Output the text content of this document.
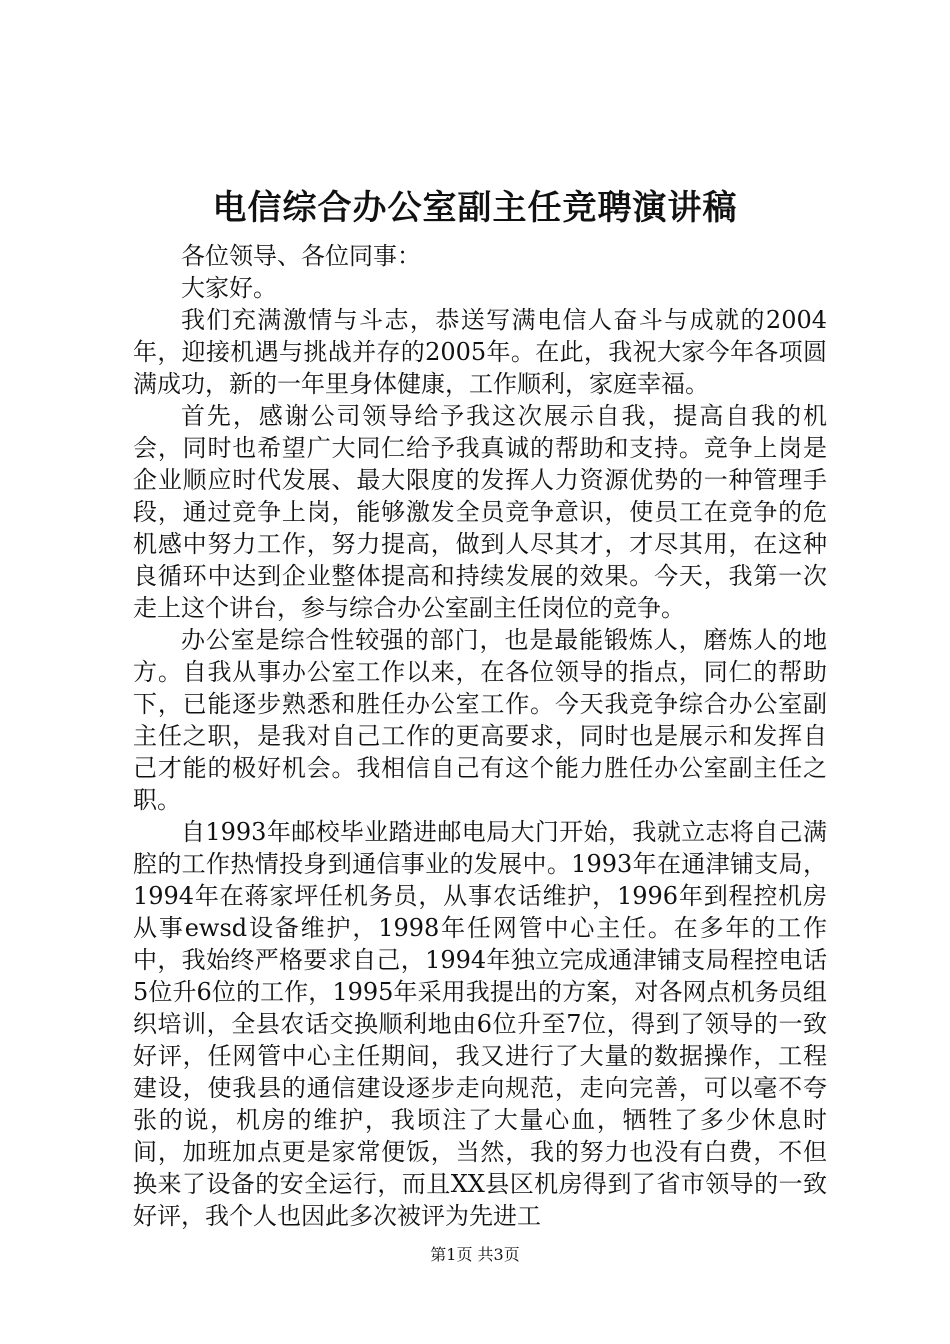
电信综合办公室副主任竞聘演讲稿

各位领导、各位同事：

大家好。

我们充满激情与斗志，恭送写满电信人奋斗与成就的2004年，迎接机遇与挑战并存的2005年。在此，我祝大家今年各项圆满成功，新的一年里身体健康，工作顺利，家庭幸福。

首先，感谢公司领导给予我这次展示自我，提高自我的机会，同时也希望广大同仁给予我真诚的帮助和支持。竞争上岗是企业顺应时代发展、最大限度的发挥人力资源优势的一种管理手段，通过竞争上岗，能够激发全员竞争意识，使员工在竞争的危机感中努力工作，努力提高，做到人尽其才，才尽其用，在这种良循环中达到企业整体提高和持续发展的效果。今天，我第一次走上这个讲台，参与综合办公室副主任岗位的竞争。

办公室是综合性较强的部门，也是最能锻炼人，磨炼人的地方。自我从事办公室工作以来，在各位领导的指点，同仁的帮助下，已能逐步熟悉和胜任办公室工作。今天我竞争综合办公室副主任之职，是我对自己工作的更高要求，同时也是展示和发挥自己才能的极好机会。我相信自己有这个能力胜任办公室副主任之职。

自1993年邮校毕业踏进邮电局大门开始，我就立志将自己满腔的工作热情投身到通信事业的发展中。1993年在通津铺支局，1994年在蒋家坪任机务员，从事农话维护，1996年到程控机房从事ewsd设备维护，1998年任网管中心主任。在多年的工作中，我始终严格要求自己，1994年独立完成通津铺支局程控电话5位升6位的工作，1995年采用我提出的方案，对各网点机务员组织培训，全县农话交换顺利地由6位升至7位，得到了领导的一致好评，任网管中心主任期间，我又进行了大量的数据操作，工程建设，使我县的通信建设逐步走向规范，走向完善，可以毫不夸张的说，机房的维护，我顷注了大量心血，牺牲了多少休息时间，加班加点更是家常便饭，当然，我的努力也没有白费，不但换来了设备的安全运行，而且XX县区机房得到了省市领导的一致好评，我个人也因此多次被评为先进工

第1页 共3页
